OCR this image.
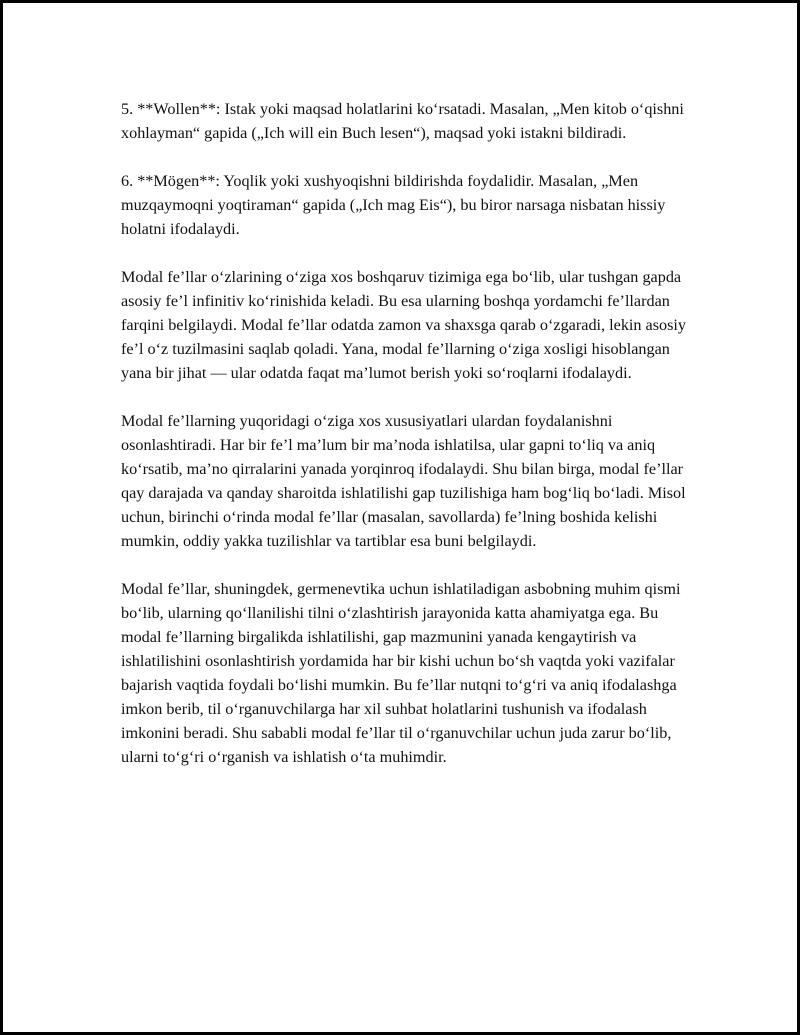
5. **Wollen**: Istak yoki maqsad holatlarini ko‘rsatadi. Masalan, „Men kitob o‘qishni xohlayman“ gapida („Ich will ein Buch lesen“), maqsad yoki istakni bildiradi.

6. **Mögen**: Yoqlik yoki xushyoqishni bildirishda foydalidir. Masalan, „Men muzqaymoqni yoqtiraman“ gapida („Ich mag Eis“), bu biror narsaga nisbatan hissiy holatni ifodalaydi.

Modal fe’llar o‘zlarining o‘ziga xos boshqaruv tizimiga ega bo‘lib, ular tushgan gapda asosiy fe’l infinitiv ko‘rinishida keladi. Bu esa ularning boshqa yordamchi fe’llardan farqini belgilaydi. Modal fe’llar odatda zamon va shaxsga qarab o‘zgaradi, lekin asosiy fe’l o‘z tuzilmasini saqlab qoladi. Yana, modal fe’llarning o‘ziga xosligi hisoblangan yana bir jihat — ular odatda faqat ma’lumot berish yoki so‘roqlarni ifodalaydi.

Modal fe’llarning yuqoridagi o‘ziga xos xususiyatlari ulardan foydalanishni osonlashtiradi. Har bir fe’l ma’lum bir ma’noda ishlatilsa, ular gapni to‘liq va aniq ko‘rsatib, ma’no qirralarini yanada yorqinroq ifodalaydi. Shu bilan birga, modal fe’llar qay darajada va qanday sharoitda ishlatilishi gap tuzilishiga ham bog‘liq bo‘ladi. Misol uchun, birinchi o‘rinda modal fe’llar (masalan, savollarda) fe’lning boshida kelishi mumkin, oddiy yakka tuzilishlar va tartiblar esa buni belgilaydi.

Modal fe’llar, shuningdek, germenevtika uchun ishlatiladigan asbobning muhim qismi bo‘lib, ularning qo‘llanilishi tilni o‘zlashtirish jarayonida katta ahamiyatga ega. Bu modal fe’llarning birgalikda ishlatilishi, gap mazmunini yanada kengaytirish va ishlatilishini osonlashtirish yordamida har bir kishi uchun bo‘sh vaqtda yoki vazifalar bajarish vaqtida foydali bo‘lishi mumkin. Bu fe’llar nutqni to‘g‘ri va aniq ifodalashga imkon berib, til o‘rganuvchilarga har xil suhbat holatlarini tushunish va ifodalash imkonini beradi. Shu sababli modal fe’llar til o‘rganuvchilar uchun juda zarur bo‘lib, ularni to‘g‘ri o‘rganish va ishlatish o‘ta muhimdir.
